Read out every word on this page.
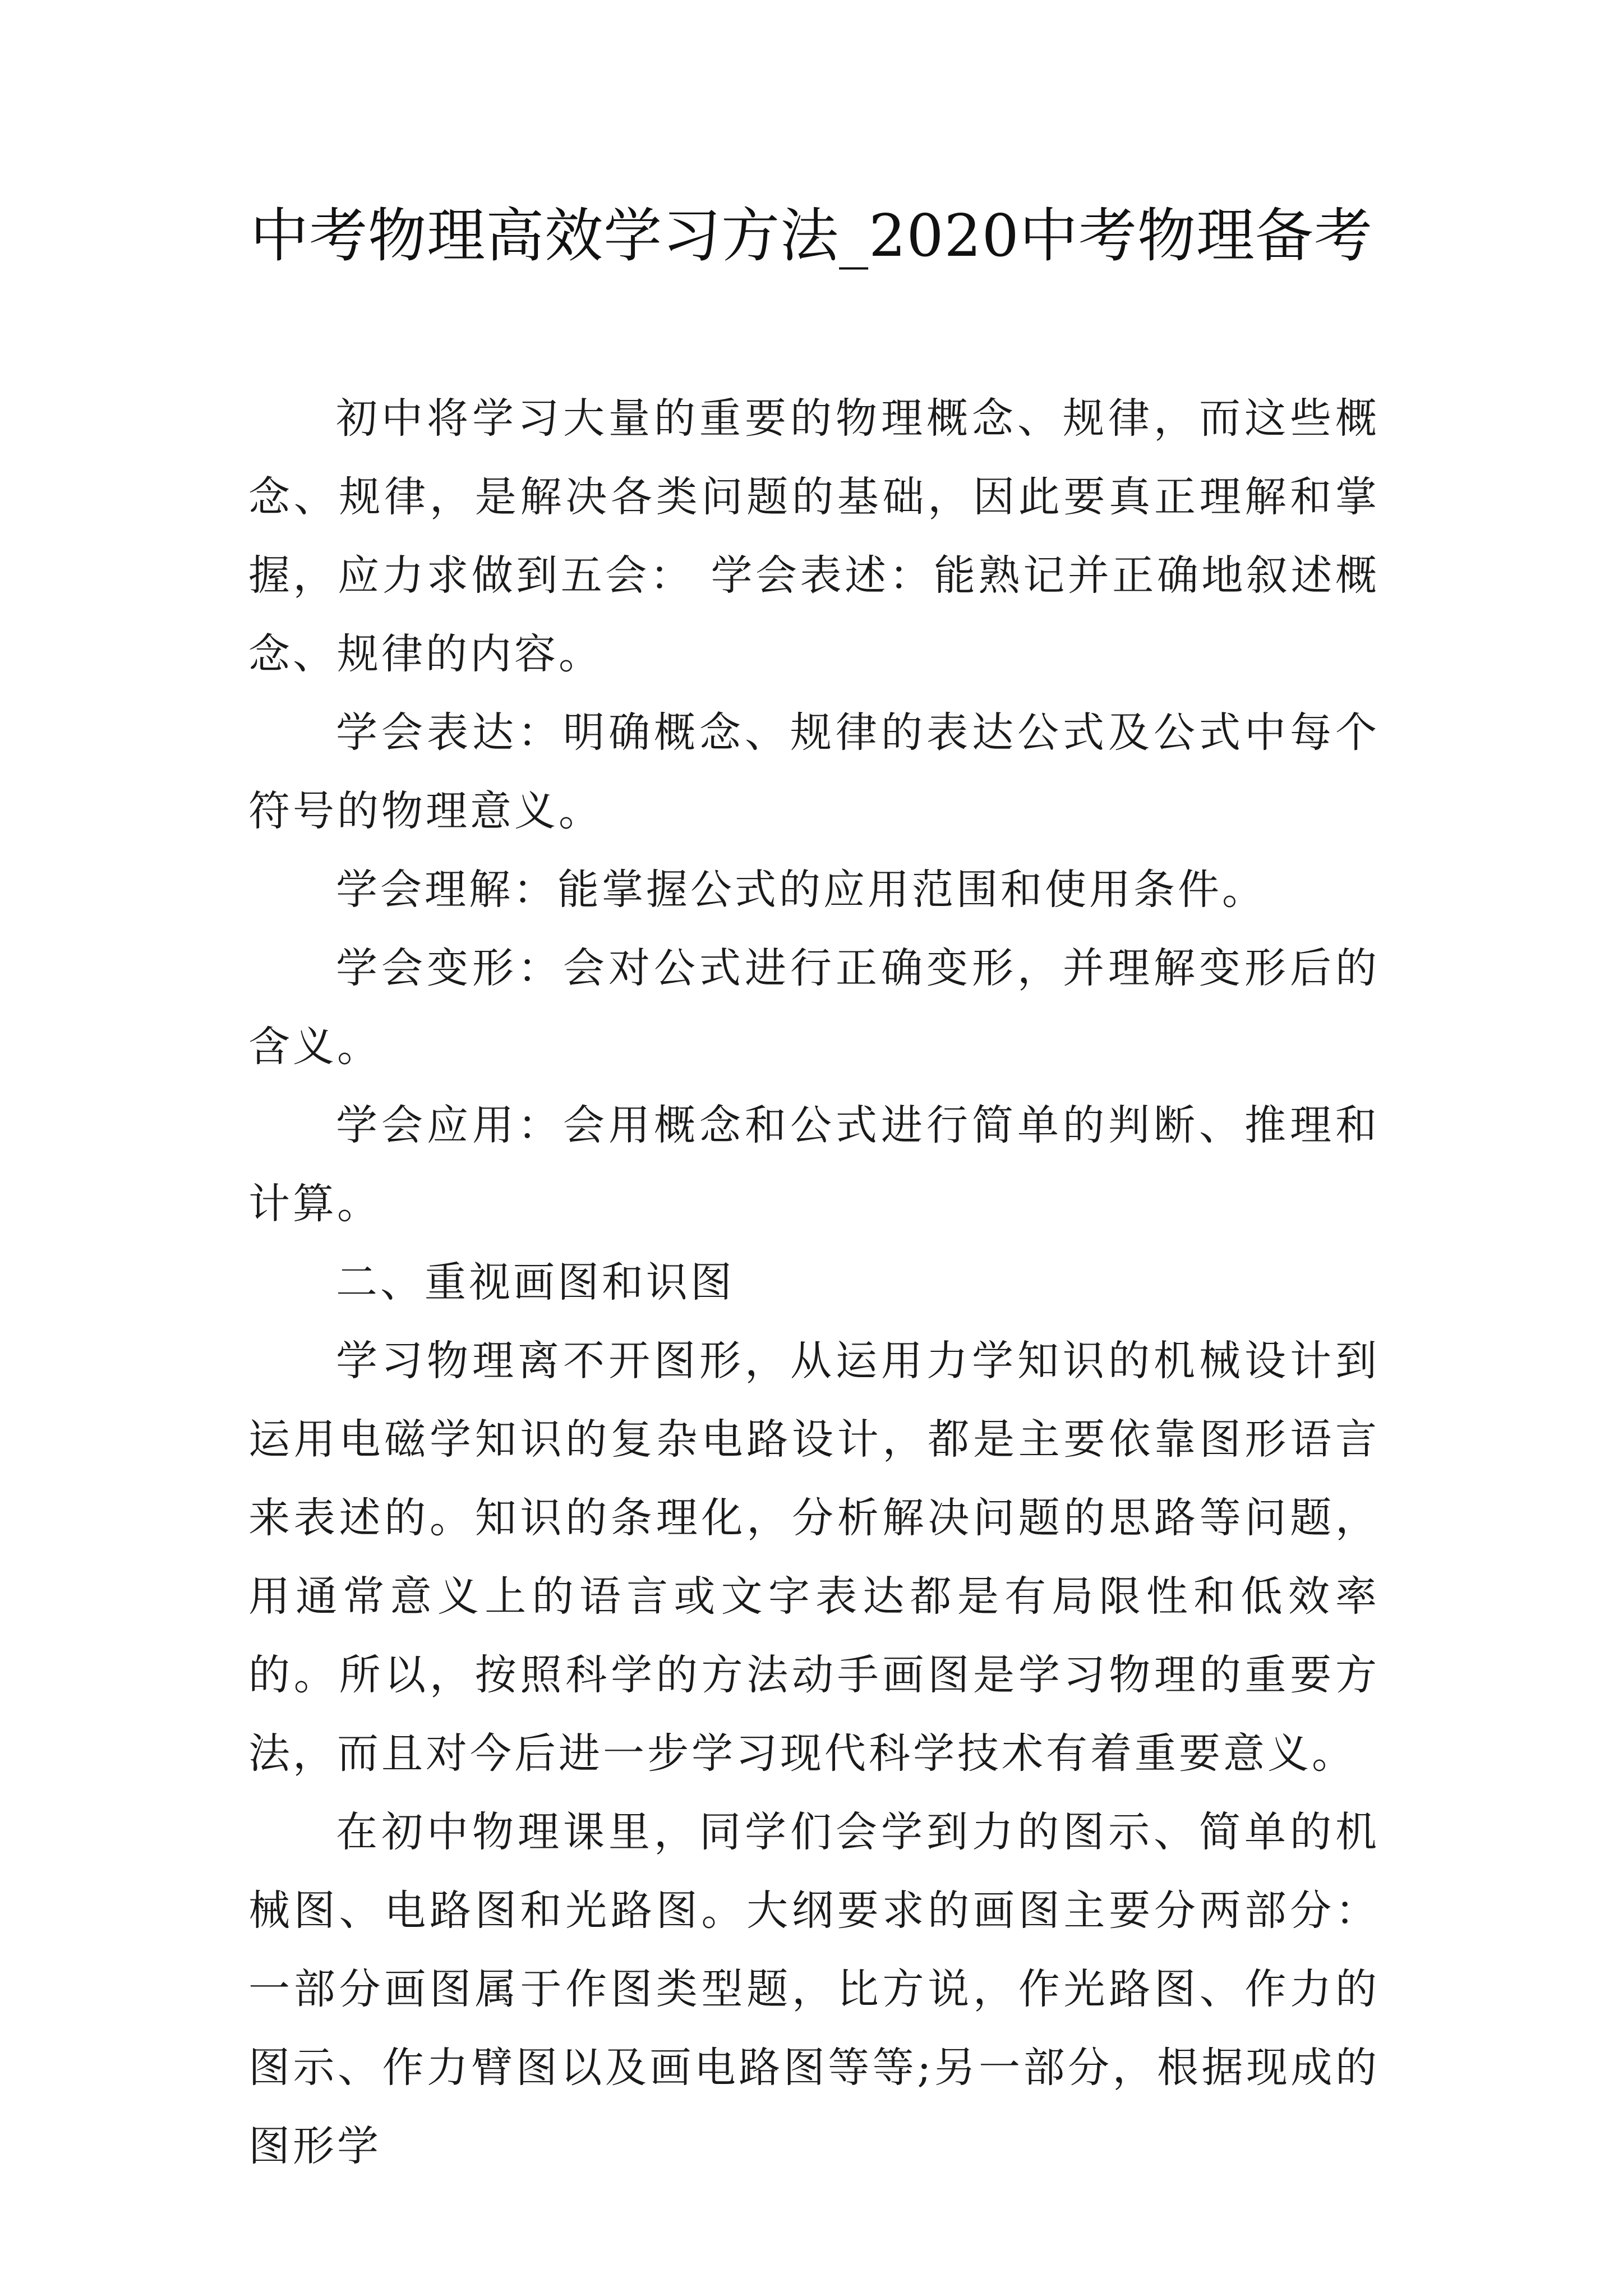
中考物理高效学习方法_2020中考物理备考

初中将学习大量的重要的物理概念、规律，而这些概念、规律，是解决各类问题的基础，因此要真正理解和掌握，应力求做到五会： 学会表述：能熟记并正确地叙述概念、规律的内容。

学会表达：明确概念、规律的表达公式及公式中每个符号的物理意义。

学会理解：能掌握公式的应用范围和使用条件。

学会变形：会对公式进行正确变形，并理解变形后的含义。

学会应用：会用概念和公式进行简单的判断、推理和计算。

二、重视画图和识图

学习物理离不开图形，从运用力学知识的机械设计到运用电磁学知识的复杂电路设计，都是主要依靠图形语言来表述的。知识的条理化，分析解决问题的思路等问题，用通常意义上的语言或文字表达都是有局限性和低效率的。所以，按照科学的方法动手画图是学习物理的重要方法，而且对今后进一步学习现代科学技术有着重要意义。

在初中物理课里，同学们会学到力的图示、简单的机械图、电路图和光路图。大纲要求的画图主要分两部分：一部分画图属于作图类型题，比方说，作光路图、作力的图示、作力臂图以及画电路图等等;另一部分，根据现成的图形学
